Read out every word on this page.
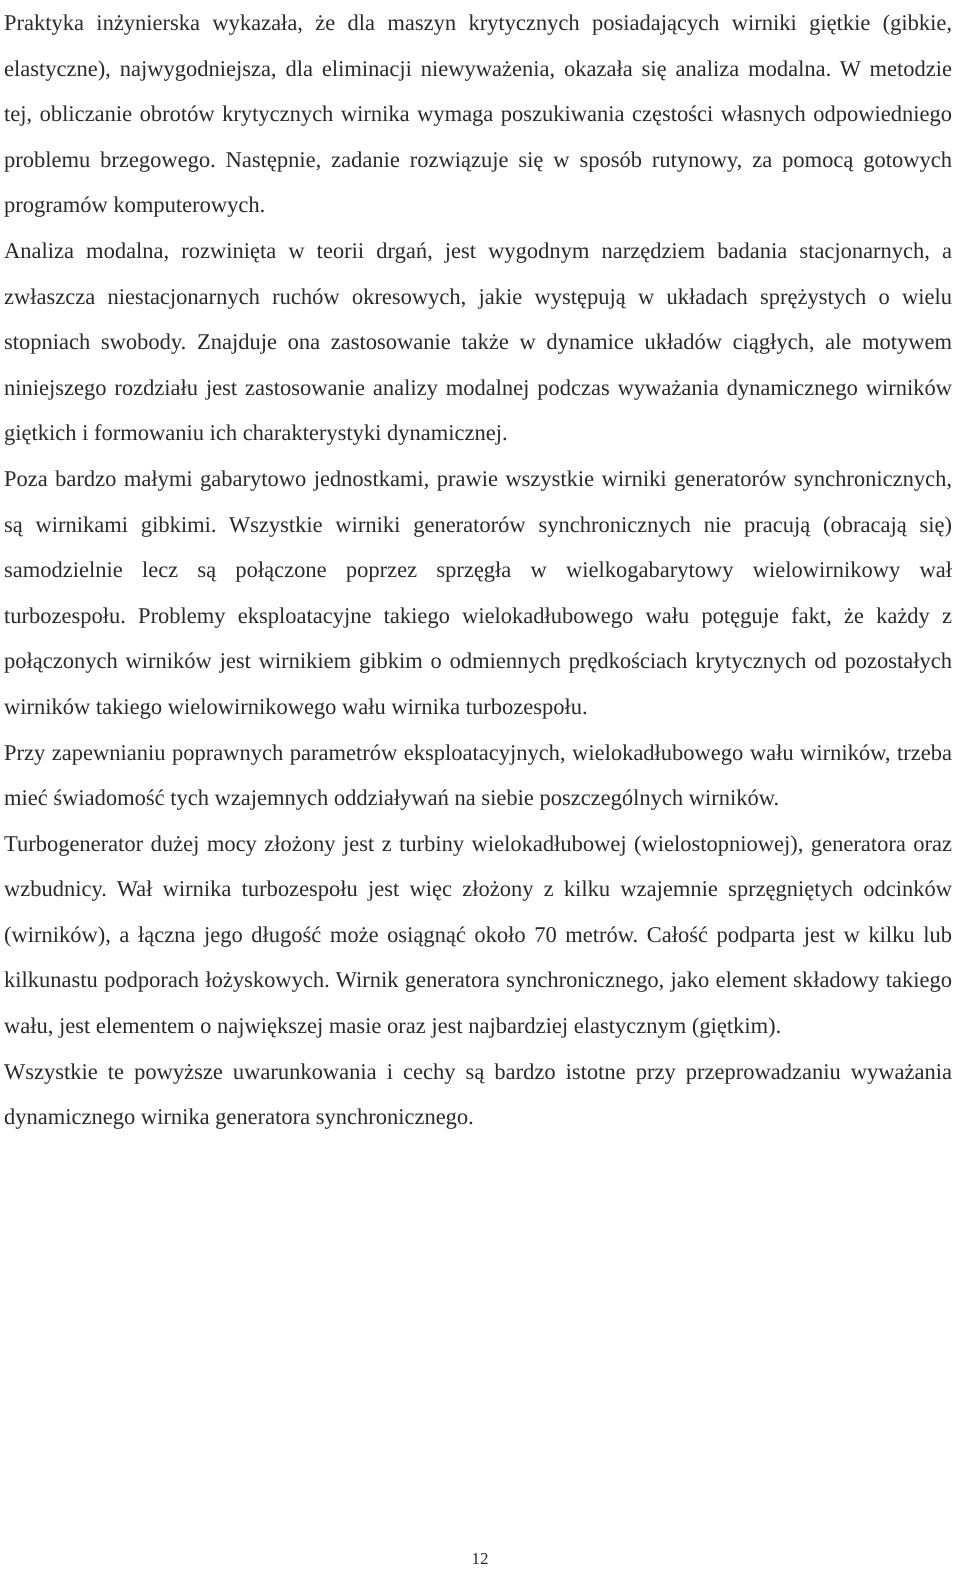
Praktyka inżynierska wykazała, że dla maszyn krytycznych posiadających wirniki giętkie (gibkie, elastyczne), najwygodniejsza, dla eliminacji niewyważenia, okazała się analiza modalna. W metodzie tej, obliczanie obrotów krytycznych wirnika wymaga poszukiwania częstości własnych odpowiedniego problemu brzegowego. Następnie, zadanie rozwiązuje się w sposób rutynowy, za pomocą gotowych programów komputerowych.

Analiza modalna, rozwinięta w teorii drgań, jest wygodnym narzędziem badania stacjonarnych, a zwłaszcza niestacjonarnych ruchów okresowych, jakie występują w układach sprężystych o wielu stopniach swobody. Znajduje ona zastosowanie także w dynamice układów ciągłych, ale motywem niniejszego rozdziału jest zastosowanie analizy modalnej podczas wyważania dynamicznego wirników giętkich i formowaniu ich charakterystyki dynamicznej.

Poza bardzo małymi gabarytowo jednostkami, prawie wszystkie wirniki generatorów synchronicznych, są wirnikami gibkimi. Wszystkie wirniki generatorów synchronicznych nie pracują (obracają się) samodzielnie lecz są połączone poprzez sprzęgła w wielkogabarytowy wielowirnikowy wał turbozespołu. Problemy eksploatacyjne takiego wielokadłubowego wału potęguje fakt, że każdy z połączonych wirników jest wirnikiem gibkim o odmiennych prędkościach krytycznych od pozostałych wirników takiego wielowirnikowego wału wirnika turbozespołu.

Przy zapewnianiu poprawnych parametrów eksploatacyjnych, wielokadłubowego wału wirników, trzeba mieć świadomość tych wzajemnych oddziaływań na siebie poszczególnych wirników.

Turbogenerator dużej mocy złożony jest z turbiny wielokadłubowej (wielostopniowej), generatora oraz wzbudnicy. Wał wirnika turbozespołu jest więc złożony z kilku wzajemnie sprzęgniętych odcinków (wirników), a łączna jego długość może osiągnąć około 70 metrów. Całość podparta jest w kilku lub kilkunastu podporach łożyskowych. Wirnik generatora synchronicznego, jako element składowy takiego wału, jest elementem o największej masie oraz jest najbardziej elastycznym (giętkim).

Wszystkie te powyższe uwarunkowania i cechy są bardzo istotne przy przeprowadzaniu wyważania dynamicznego wirnika generatora synchronicznego.

12
